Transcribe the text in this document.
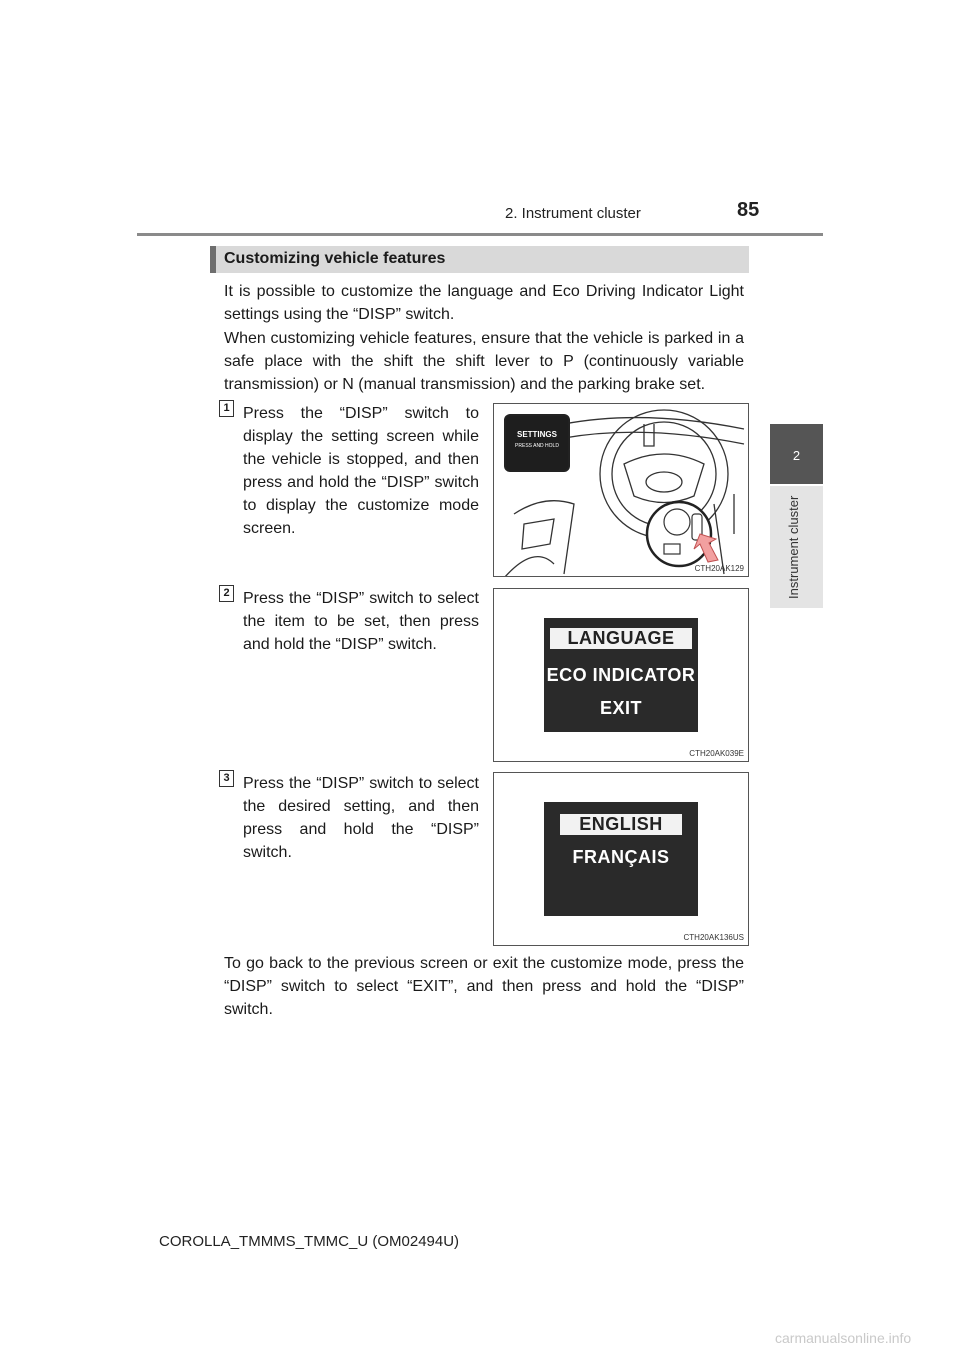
2. Instrument cluster	85
2
Instrument cluster
Customizing vehicle features
It is possible to customize the language and Eco Driving Indicator Light settings using the “DISP” switch.
When customizing vehicle features, ensure that the vehicle is parked in a safe place with the shift the shift lever to P (continuously variable transmission) or N (manual transmission) and the parking brake set.
1 Press the “DISP” switch to display the setting screen while the vehicle is stopped, and then press and hold the “DISP” switch to display the customize mode screen.
SETTINGS
PRESS AND HOLD
CTH20AK129
2 Press the “DISP” switch to select the item to be set, then press and hold the “DISP” switch.	LANGUAGE
ECO INDICATOR
EXIT
CTH20AK039E
3 Press the “DISP” switch to select the desired setting, and then press and hold the “DISP” switch.
ENGLISH
FRANÇAIS
CTH20AK136US
To go back to the previous screen or exit the customize mode, press the “DISP” switch to select “EXIT”, and then press and hold the “DISP” switch.
COROLLA_TMMMS_TMMC_U (OM02494U)
carmanualsonline.info
